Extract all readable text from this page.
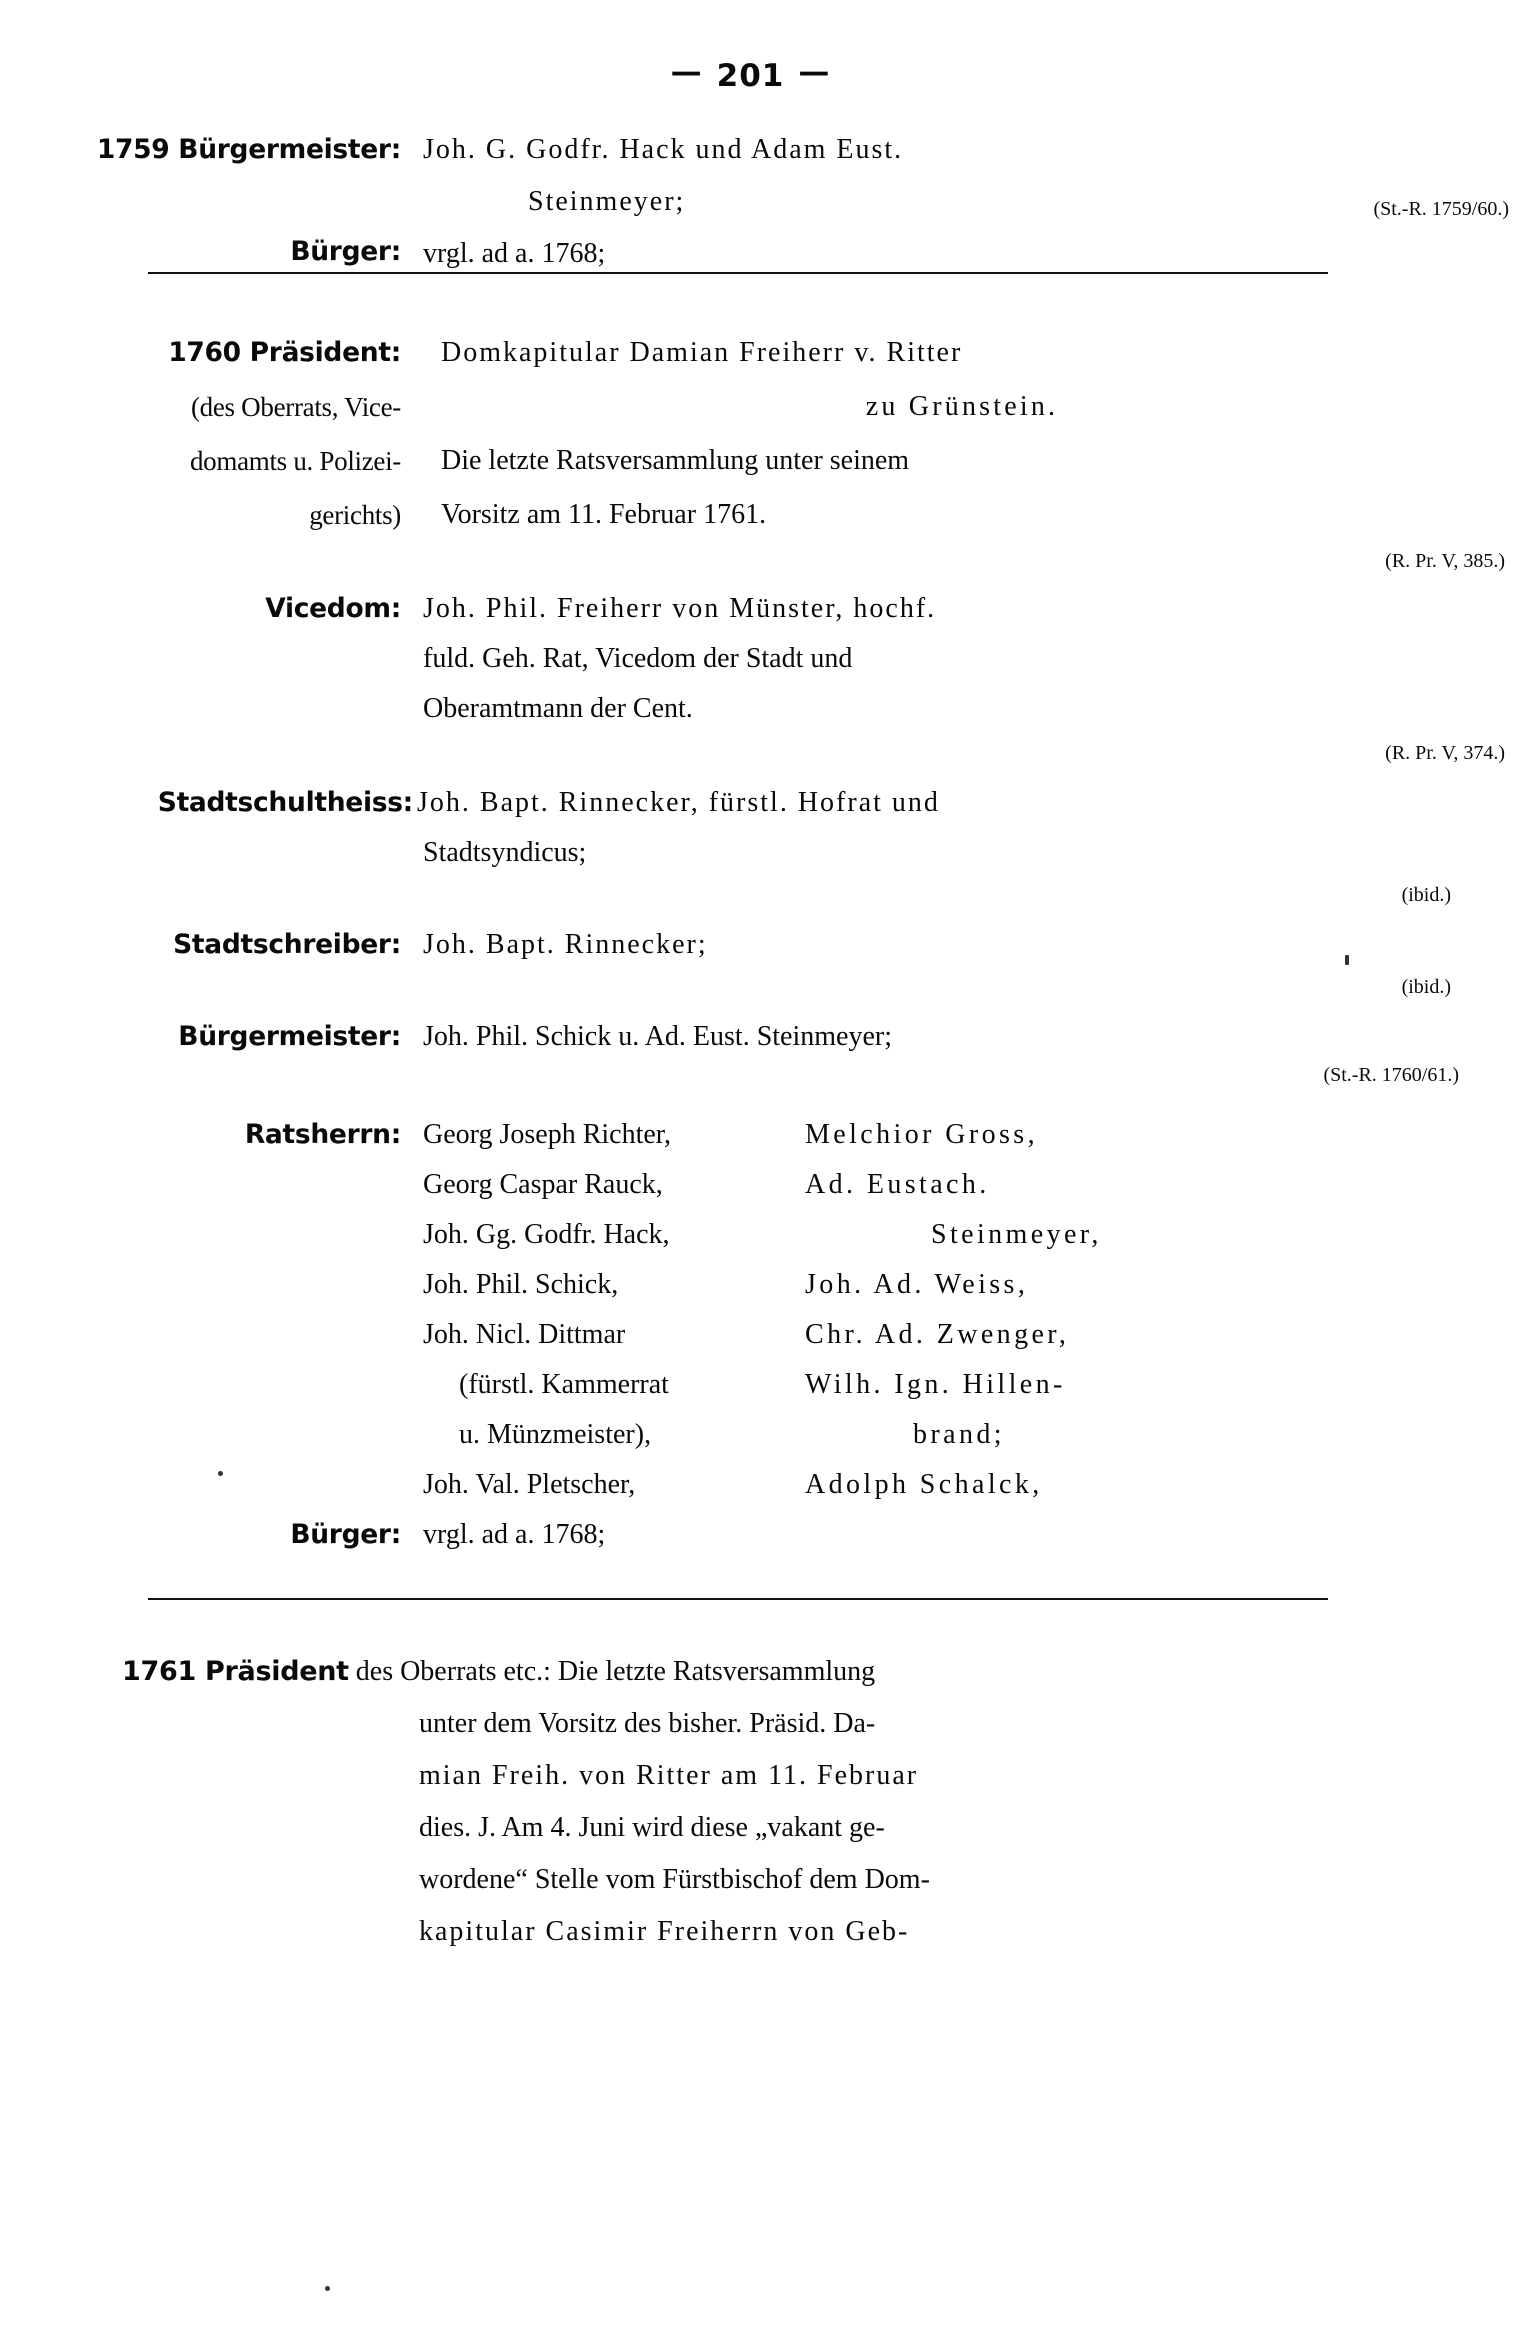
— 201 —
1759 Bürgermeister:
Bürger:
Joh. G. Godfr. Hack und Adam Eust.
Steinmeyer;
vrgl. ad a. 1768;
(St.-R. 1759/60.)
1760 Präsident:
(des Oberrats, Vice-
domamts u. Polizei-
gerichts)
Domkapitular Damian Freiherr v. Ritter
zu Grünstein.
Die letzte Ratsversammlung unter seinem
Vorsitz am 11. Februar 1761.
(R. Pr. V, 385.)
Vicedom: Joh. Phil. Freiherr von Münster, hochf.
fuld. Geh. Rat, Vicedom der Stadt und
Oberamtmann der Cent.
(R. Pr. V, 374.)
Stadtschultheiss: Joh. Bapt. Rinnecker, fürstl. Hofrat und
Stadtsyndicus;
(ibid.)
Stadtschreiber: Joh. Bapt. Rinnecker;
(ibid.)
Bürgermeister: Joh. Phil. Schick u. Ad. Eust. Steinmeyer;
(St.-R. 1760/61.)
Ratsherrn: Georg Joseph Richter,
Georg Caspar Rauck,
Joh. Gg. Godfr. Hack,
Joh. Phil. Schick,
Joh. Nicl. Dittmar
(fürstl. Kammerrat
u. Münzmeister),
Joh. Val. Pletscher,
Melchior Gross,
Ad. Eustach.
Steinmeyer,
Joh. Ad. Weiss,
Chr. Ad. Zwenger,
Wilh. Ign. Hillen-
brand;
Adolph Schalck,
Bürger: vrgl. ad a. 1768;
1761 Präsident des Oberrats etc.: Die letzte Ratsversammlung
unter dem Vorsitz des bisher. Präsid. Da-
mian Freih. von Ritter am 11. Februar
dies. J. Am 4. Juni wird diese „vakant ge-
wordene“ Stelle vom Fürstbischof dem Dom-
kapitular Casimir Freiherrn von Geb-
